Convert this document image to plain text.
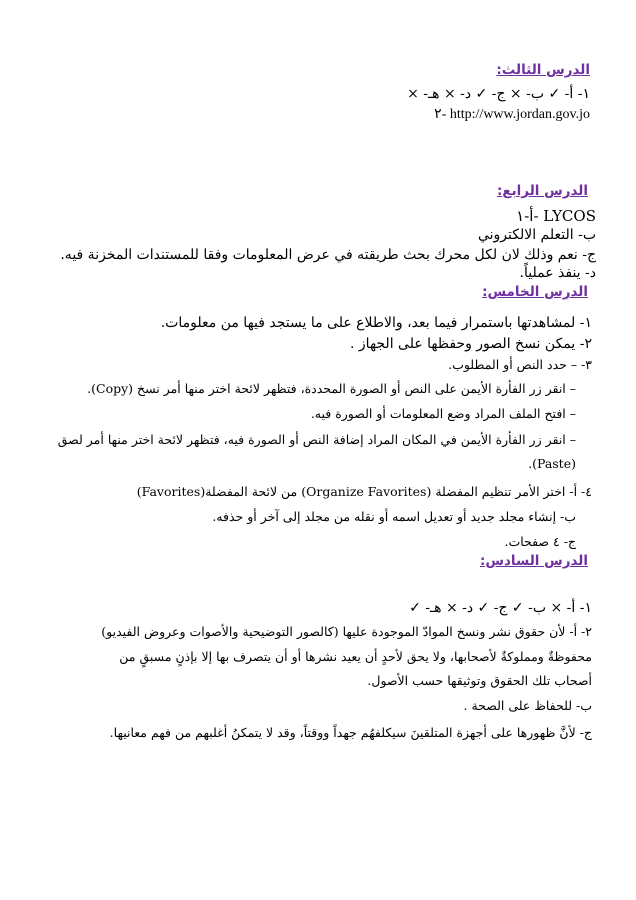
الدرس الثالث:
١- أ- ✓ ب- × ج- ✓ د- × هـ- ×
http://www.jordan.gov.jo -٢
الدرس الرابع:
LYCOS -أ-١
ب- التعلم الالكتروني
ج- نعم وذلك لان لكل محرك بحث طريقته في عرض المعلومات وفقا للمستندات المخزنة فيه.
د- ينفذ عملياً.
الدرس الخامس:
١- لمشاهدتها باستمرار فيما بعد، والاطلاع على ما يستجد فيها من معلومات.
٢- يمكن نسخ الصور وحفظها على الجهاز .
٣- – حدد النص أو المطلوب.
– انقر زر الفأرة الأيمن على النص أو الصورة المحددة، فتظهر لائحة اختر منها أمر نسخ (Copy).
– افتح الملف المراد وضع المعلومات أو الصورة فيه.
– انقر زر الفأرة الأيمن في المكان المراد إضافة النص أو الصورة فيه، فتظهر لائحة اختر منها أمر لصق
(Paste).
٤- أ- اختر الأمر تنظيم المفضلة (Organize Favorites) من لائحة المفضلة(Favorites)
ب- إنشاء مجلد جديد أو تعديل اسمه أو نقله من مجلد إلى آخر أو حذفه.
ج- ٤ صفحات.
الدرس السادس:
١- أ- × ب- ✓ ج- ✓ د- × هـ- ✓
٢- أ- لأن حقوق نشر ونسخ الموادّ الموجودة عليها (كالصور التوضيحية والأصوات وعروض الفيديو)
محفوظةٌ ومملوكةٌ لأصحابها، ولا يحق لأحدٍ أن يعيد نشرها أو أن يتصرف بها إلا بإذنٍ مسبقٍ من
أصحاب تلك الحقوق وتوثيقها حسب الأصول.
ب- للحفاظ على الصحة .
ج- لأنَّ ظهورها على أجهزة المتلقينَ سيكلفهُم جهداً ووقتاً، وقد لا يتمكنُ أغلبهم من فهم معانيها.
